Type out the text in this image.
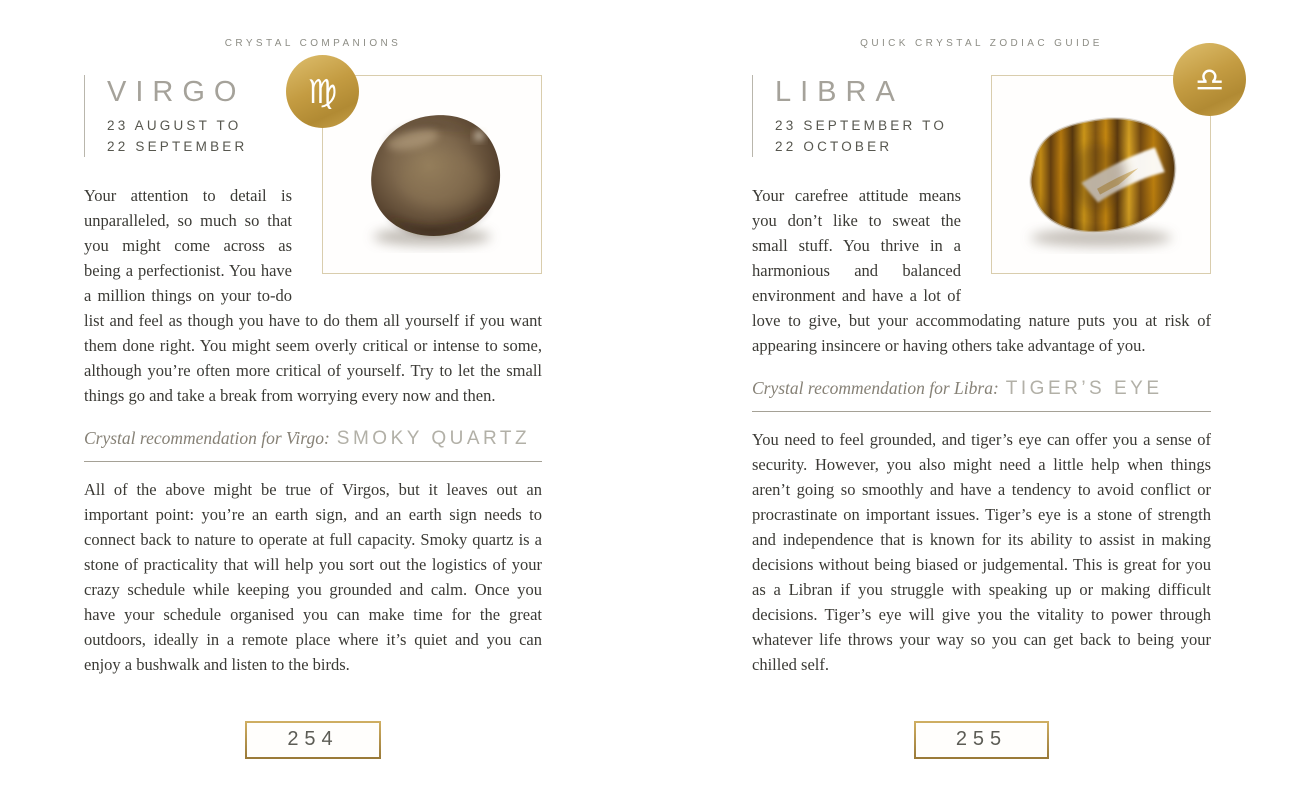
CRYSTAL COMPANIONS
♍
VIRGO
23 AUGUST TO
22 SEPTEMBER

Your attention to detail is unparalleled, so much so that you might come across as being a perfectionist. You have a million things on your to-do list and feel as though you have to do them all yourself if you want them done right. You might seem overly critical or intense to some, although you’re often more critical of yourself. Try to let the small things go and take a break from worrying every now and then.

Crystal recommendation for Virgo: SMOKY QUARTZ

All of the above might be true of Virgos, but it leaves out an important point: you’re an earth sign, and an earth sign needs to connect back to nature to operate at full capacity. Smoky quartz is a stone of practicality that will help you sort out the logistics of your crazy schedule while keeping you grounded and calm. Once you have your schedule organised you can make time for the great outdoors, ideally in a remote place where it’s quiet and you can enjoy a bushwalk and listen to the birds.

254
QUICK CRYSTAL ZODIAC GUIDE
♎
LIBRA
23 SEPTEMBER TO
22 OCTOBER

Your carefree attitude means you don’t like to sweat the small stuff. You thrive in a harmonious and balanced environment and have a lot of love to give, but your accommodating nature puts you at risk of appearing insincere or having others take advantage of you.

Crystal recommendation for Libra: TIGER’S EYE

You need to feel grounded, and tiger’s eye can offer you a sense of security. However, you also might need a little help when things aren’t going so smoothly and have a tendency to avoid conflict or procrastinate on important issues. Tiger’s eye is a stone of strength and independence that is known for its ability to assist in making decisions without being biased or judgemental. This is great for you as a Libran if you struggle with speaking up or making difficult decisions. Tiger’s eye will give you the vitality to power through whatever life throws your way so you can get back to being your chilled self.

255
